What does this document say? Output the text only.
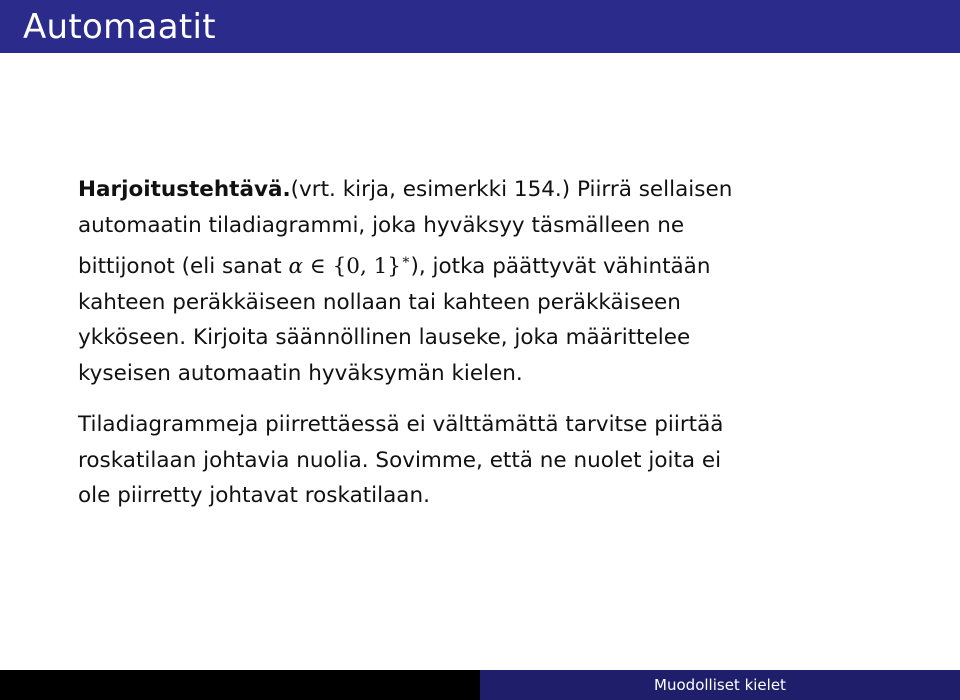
Automaatit

Harjoitustehtävä.(vrt. kirja, esimerkki 154.) Piirrä sellaisen
automaatin tiladiagrammi, joka hyväksyy täsmälleen ne
bittijonot (eli sanat α ∈ {0, 1}∗), jotka päättyvät vähintään
kahteen peräkkäiseen nollaan tai kahteen peräkkäiseen
ykköseen. Kirjoita säännöllinen lauseke, joka määrittelee
kyseisen automaatin hyväksymän kielen.

Tiladiagrammeja piirrettäessä ei välttämättä tarvitse piirtää
roskatilaan johtavia nuolia. Sovimme, että ne nuolet joita ei
ole piirretty johtavat roskatilaan.

Muodolliset kielet
